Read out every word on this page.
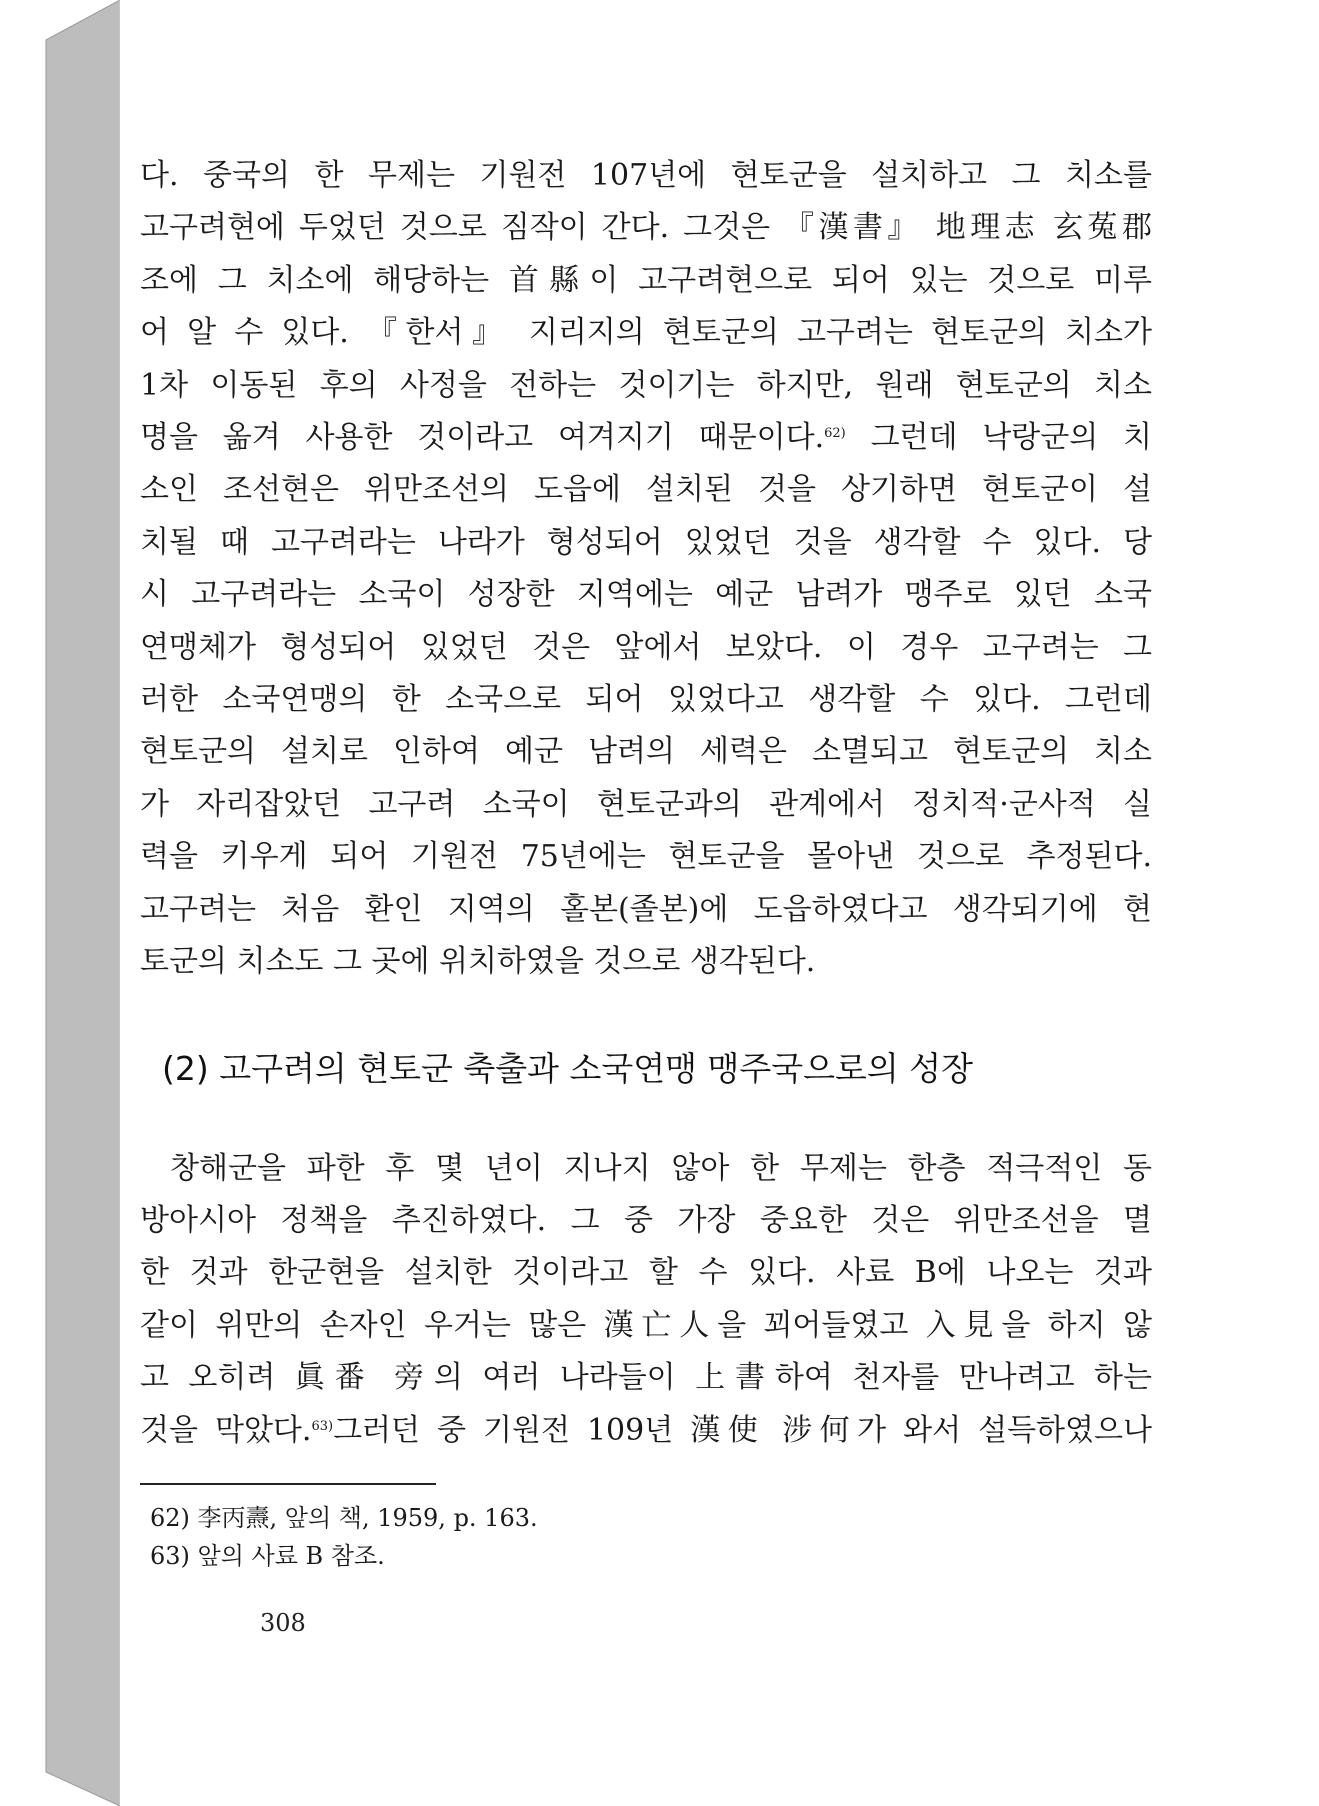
다. 중국의 한 무제는 기원전 107년에 현토군을 설치하고 그 치소를
고구려현에 두었던 것으로 짐작이 간다. 그것은 『漢書』 地理志 玄菟郡
조에 그 치소에 해당하는 首縣이 고구려현으로 되어 있는 것으로 미루
어 알 수 있다. 『한서』 지리지의 현토군의 고구려는 현토군의 치소가
1차 이동된 후의 사정을 전하는 것이기는 하지만, 원래 현토군의 치소
명을 옮겨 사용한 것이라고 여겨지기 때문이다.$^{62)}$ 그런데 낙랑군의 치
소인 조선현은 위만조선의 도읍에 설치된 것을 상기하면 현토군이 설
치될 때 고구려라는 나라가 형성되어 있었던 것을 생각할 수 있다. 당
시 고구려라는 소국이 성장한 지역에는 예군 남려가 맹주로 있던 소국
연맹체가 형성되어 있었던 것은 앞에서 보았다. 이 경우 고구려는 그
러한 소국연맹의 한 소국으로 되어 있었다고 생각할 수 있다. 그런데
현토군의 설치로 인하여 예군 남려의 세력은 소멸되고 현토군의 치소
가 자리잡았던 고구려 소국이 현토군과의 관계에서 정치적·군사적 실
력을 키우게 되어 기원전 75년에는 현토군을 몰아낸 것으로 추정된다.
고구려는 처음 환인 지역의 홀본(졸본)에 도읍하였다고 생각되기에 현
토군의 치소도 그 곳에 위치하였을 것으로 생각된다.

(2) 고구려의 현토군 축출과 소국연맹 맹주국으로의 성장

창해군을 파한 후 몇 년이 지나지 않아 한 무제는 한층 적극적인 동
방아시아 정책을 추진하였다. 그 중 가장 중요한 것은 위만조선을 멸
한 것과 한군현을 설치한 것이라고 할 수 있다. 사료 B에 나오는 것과
같이 위만의 손자인 우거는 많은 漢亡人을 꾀어들였고 入見을 하지 않
고 오히려 眞番 旁의 여러 나라들이 上書하여 천자를 만나려고 하는
것을 막았다.$^{63)}$그러던 중 기원전 109년 漢使 涉何가 와서 설득하였으나

62) 李丙燾, 앞의 책, 1959, p. 163.
63) 앞의 사료 B 참조.
308
